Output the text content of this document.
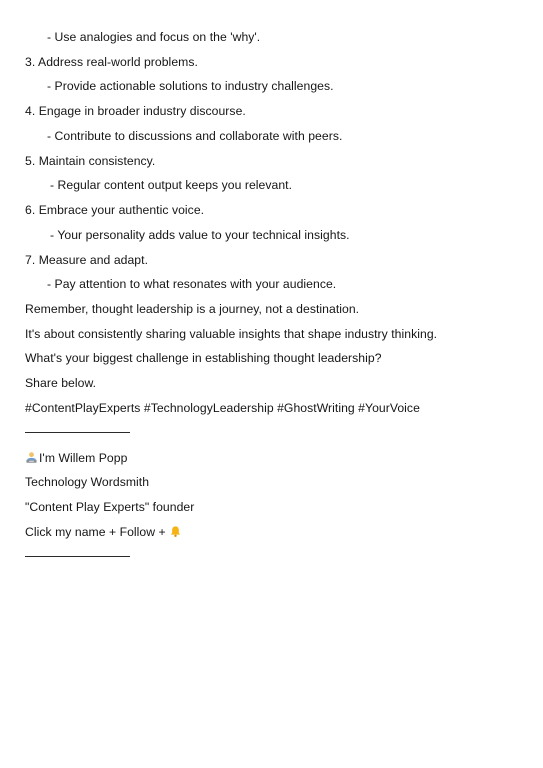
- Use analogies and focus on the 'why'.
3. Address real-world problems.
- Provide actionable solutions to industry challenges.
4. Engage in broader industry discourse.
- Contribute to discussions and collaborate with peers.
5. Maintain consistency.
- Regular content output keeps you relevant.
6. Embrace your authentic voice.
- Your personality adds value to your technical insights.
7. Measure and adapt.
- Pay attention to what resonates with your audience.
Remember, thought leadership is a journey, not a destination.
It's about consistently sharing valuable insights that shape industry thinking.
What's your biggest challenge in establishing thought leadership?
Share below.
#ContentPlayExperts #TechnologyLeadership #GhostWriting #YourVoice
I'm Willem Popp
Technology Wordsmith
"Content Play Experts" founder
Click my name + Follow +
